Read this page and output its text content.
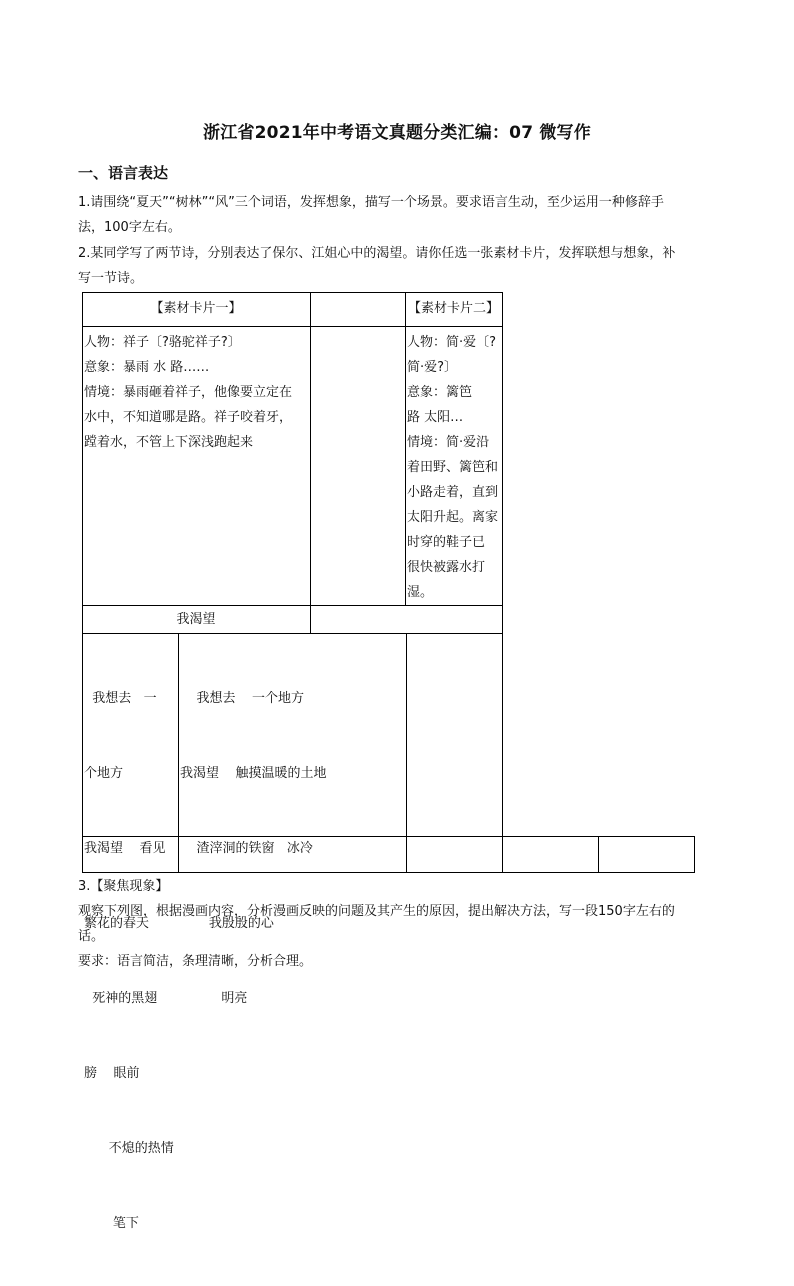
浙江省2021年中考语文真题分类汇编：07 微写作
一、语言表达
1.请围绕“夏天”“树林”“风”三个词语，发挥想象，描写一个场景。要求语言生动，至少运用一种修辞手
法，100字左右。
2.某同学写了两节诗，分别表达了保尔、江姐心中的渴望。请你任选一张素材卡片，发挥联想与想象，补
写一节诗。
【素材卡片一】	【素材卡片二】
人物：祥子〔?骆驼祥子?〕
意象：暴雨 水 路……
情境：暴雨砸着祥子，他像要立定在
水中，不知道哪是路。祥子咬着牙，
蹚着水，不管上下深浅跑起来
人物：简·爱〔?
简·爱?〕
意象：篱笆
路 太阳…
情境：简·爱沿
着田野、篱笆和
小路走着，直到
太阳升起。离家
时穿的鞋子已
很快被露水打
湿。
我渴望

我想去   一

个地方

我渴望    看见

繁花的春天

死神的黑翅

膀    眼前

不熄的热情

笔下

我想去    一个地方

我渴望    触摸温暖的土地

渣滓洞的铁窗   冰冷

我殷殷的心

明亮

3.【聚焦现象】
观察下列图，根据漫画内容，分析漫画反映的问题及其产生的原因，提出解决方法，写一段150字左右的
话。
要求：语言简洁，条理清晰，分析合理。
